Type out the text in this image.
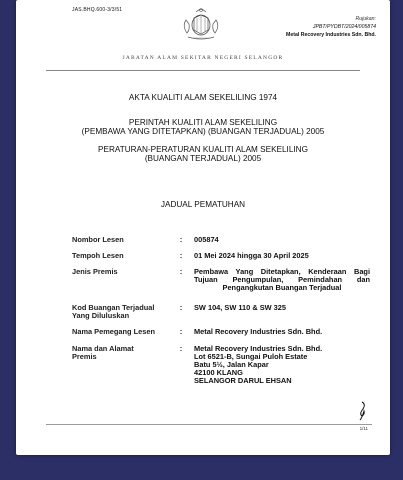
JAS.BHQ.600-3/3/51
Rujukan:
JPBT/PYDBT/2024/005874
Metal Recovery Industries Sdn. Bhd.
JABATAN ALAM SEKITAR NEGERI SELANGOR
AKTA KUALITI ALAM SEKELILING 1974
PERINTAH KUALITI ALAM SEKELILING
(PEMBAWA YANG DITETAPKAN) (BUANGAN TERJADUAL) 2005
PERATURAN-PERATURAN KUALITI ALAM SEKELILING
(BUANGAN TERJADUAL) 2005
JADUAL PEMATUHAN
Nombor Lesen	: 005874
Tempoh Lesen	: 01 Mei 2024 hingga 30 April 2025
Jenis Premis	: Pembawa Yang Ditetapkan, Kenderaan Bagi Tujuan Pengumpulan, Pemindahan dan Pengangkutan Buangan Terjadual
Kod Buangan Terjadual
Yang Diluluskan
: SW 104, SW 110 & SW 325
Nama Pemegang Lesen	: Metal Recovery Industries Sdn. Bhd.
Nama dan Alamat
Premis
: Metal Recovery Industries Sdn. Bhd.
Lot 6521-B, Sungai Puloh Estate
Batu 5½, Jalan Kapar
42100 KLANG
SELANGOR DARUL EHSAN
1/11
